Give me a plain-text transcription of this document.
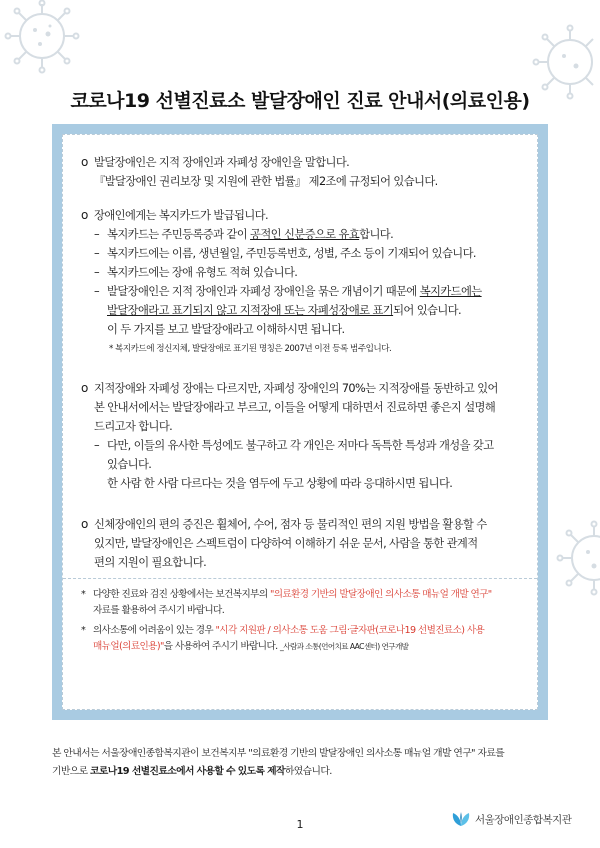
코로나19 선별진료소 발달장애인 진료 안내서(의료인용)
o 발달장애인은 지적 장애인과 자폐성 장애인을 말합니다.
『발달장애인 권리보장 및 지원에 관한 법률』 제2조에 규정되어 있습니다.
o 장애인에게는 복지카드가 발급됩니다.
– 복지카드는 주민등록증과 같이 공적인 신분증으로 유효합니다.
– 복지카드에는 이름, 생년월일, 주민등록번호, 성별, 주소 등이 기재되어 있습니다.
– 복지카드에는 장애 유형도 적혀 있습니다.
– 발달장애인은 지적 장애인과 자폐성 장애인을 묶은 개념이기 때문에 복지카드에는
발달장애라고 표기되지 않고 지적장애 또는 자폐성장애로 표기되어 있습니다.
이 두 가지를 보고 발달장애라고 이해하시면 됩니다.
* 복지카드에 정신지체, 발달장애로 표기된 명칭은 2007년 이전 등록 범주입니다.
o 지적장애와 자폐성 장애는 다르지만, 자폐성 장애인의 70%는 지적장애를 동반하고 있어
본 안내서에서는 발달장애라고 부르고, 이들을 어떻게 대하면서 진료하면 좋은지 설명해
드리고자 합니다.
– 다만, 이들의 유사한 특성에도 불구하고 각 개인은 저마다 독특한 특성과 개성을 갖고
있습니다.
한 사람 한 사람 다르다는 것을 염두에 두고 상황에 따라 응대하시면 됩니다.
o 신체장애인의 편의 증진은 휠체어, 수어, 점자 등 물리적인 편의 지원 방법을 활용할 수
있지만, 발달장애인은 스펙트럼이 다양하여 이해하기 쉬운 문서, 사람을 통한 관계적
편의 지원이 필요합니다.
* 다양한 진료와 검진 상황에서는 보건복지부의 "의료환경 기반의 발달장애인 의사소통 매뉴얼 개발 연구"
자료를 활용하여 주시기 바랍니다.
* 의사소통에 어려움이 있는 경우 "시각 지원판 / 의사소통 도움 그림·글자판(코로나19 선별진료소) 사용
매뉴얼(의료인용)"을 사용하여 주시기 바랍니다. _사람과 소통(언어치료 AAC센터) 연구개발
본 안내서는 서울장애인종합복지관이 보건복지부 "의료환경 기반의 발달장애인 의사소통 매뉴얼 개발 연구" 자료를
기반으로 코로나19 선별진료소에서 사용할 수 있도록 제작하였습니다.
1	서울장애인종합복지관
